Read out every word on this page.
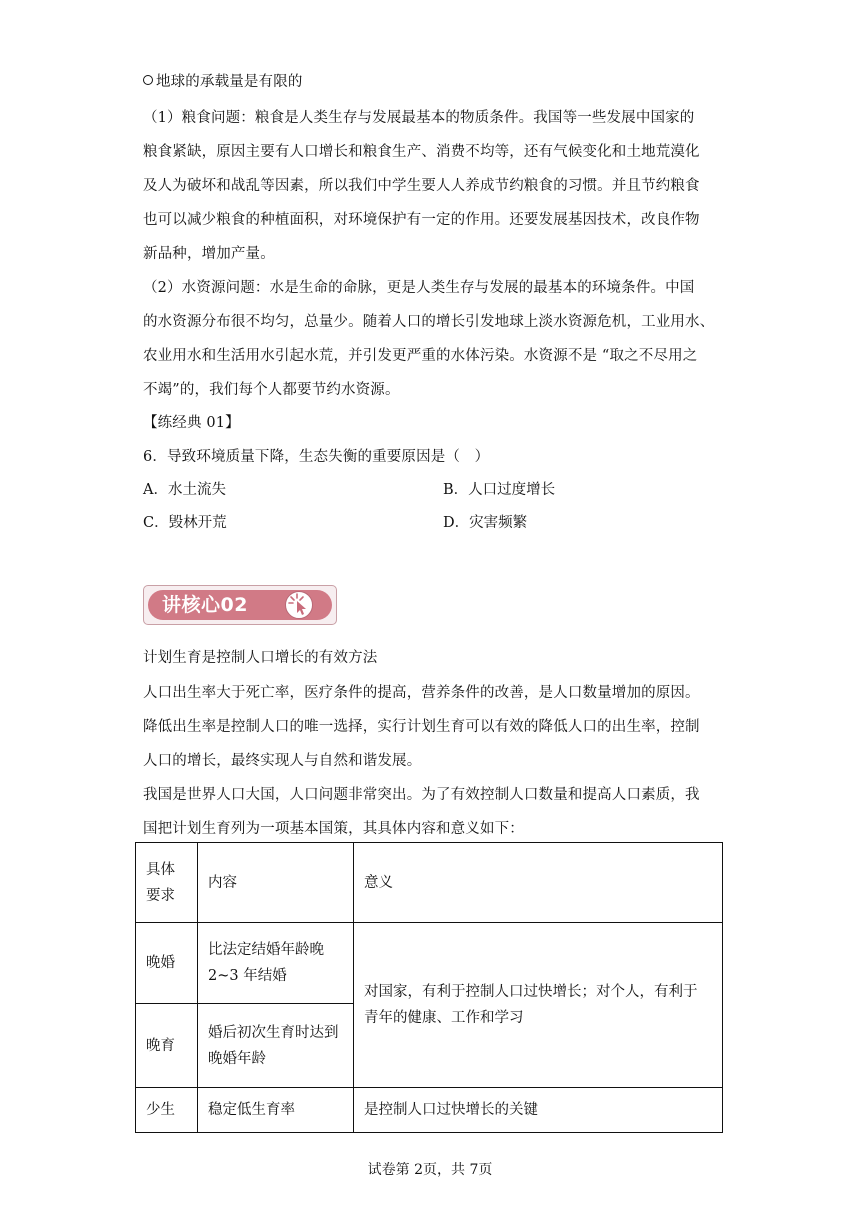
地球的承载量是有限的
（1）粮食问题：粮食是人类生存与发展最基本的物质条件。我国等一些发展中国家的
粮食紧缺，原因主要有人口增长和粮食生产、消费不均等，还有气候变化和土地荒漠化
及人为破坏和战乱等因素，所以我们中学生要人人养成节约粮食的习惯。并且节约粮食
也可以减少粮食的种植面积，对环境保护有一定的作用。还要发展基因技术，改良作物
新品种，增加产量。
（2）水资源问题：水是生命的命脉，更是人类生存与发展的最基本的环境条件。中国
的水资源分布很不均匀，总量少。随着人口的增长引发地球上淡水资源危机，工业用水、
农业用水和生活用水引起水荒，并引发更严重的水体污染。水资源不是 “取之不尽用之
不竭”的，我们每个人都要节约水资源。
【练经典 01】
6．导致环境质量下降，生态失衡的重要原因是（　）
A．水土流失	B．人口过度增长
C．毁林开荒	D．灾害频繁
讲核心02
计划生育是控制人口增长的有效方法
人口出生率大于死亡率，医疗条件的提高，营养条件的改善，是人口数量增加的原因。
降低出生率是控制人口的唯一选择，实行计划生育可以有效的降低人口的出生率，控制
人口的增长，最终实现人与自然和谐发展。
我国是世界人口大国，人口问题非常突出。为了有效控制人口数量和提高人口素质，我
国把计划生育列为一项基本国策，其具体内容和意义如下：
具体
要求	内容	意义
晚婚	比法定结婚年龄晚
2~3 年结婚	对国家，有利于控制人口过快增长；对个人，有利于
青年的健康、工作和学习
晚育	婚后初次生育时达到
晚婚年龄	
少生	稳定低生育率	是控制人口过快增长的关键
试卷第 2页，共 7页
